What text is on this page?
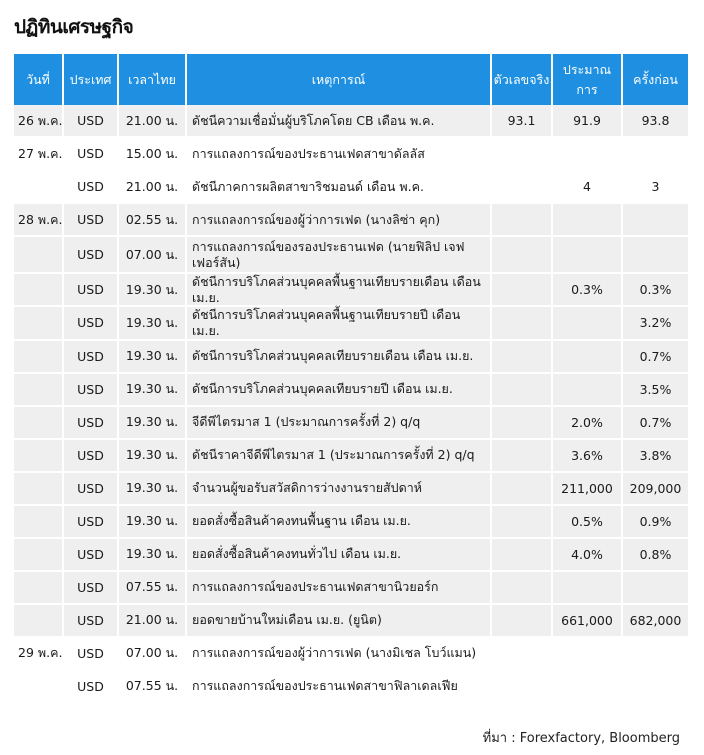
ปฏิทินเศรษฐกิจ
วันที่	ประเทศ	เวลาไทย	เหตุการณ์	ตัวเลขจริง	ประมาณการ	ครั้งก่อน
26 พ.ค.	USD	21.00 น.	ดัชนีความเชื่อมั่นผู้บริโภคโดย CB เดือน พ.ค.	93.1	91.9	93.8
27 พ.ค.	USD	15.00 น.	การแถลงการณ์ของประธานเฟดสาขาดัลลัส			
	USD	21.00 น.	ดัชนีภาคการผลิตสาขาริชมอนด์ เดือน พ.ค.		4	3
28 พ.ค.	USD	02.55 น.	การแถลงการณ์ของผู้ว่าการเฟด (นางลิซ่า คุก)			
	USD	07.00 น.	การแถลงการณ์ของรองประธานเฟด (นายฟิลิป เจฟเฟอร์สัน)			
	USD	19.30 น.	ดัชนีการบริโภคส่วนบุคคลพื้นฐานเทียบรายเดือน เดือน เม.ย.		0.3%	0.3%
	USD	19.30 น.	ดัชนีการบริโภคส่วนบุคคลพื้นฐานเทียบรายปี เดือน เม.ย.			3.2%
	USD	19.30 น.	ดัชนีการบริโภคส่วนบุคคลเทียบรายเดือน เดือน เม.ย.			0.7%
	USD	19.30 น.	ดัชนีการบริโภคส่วนบุคคลเทียบรายปี เดือน เม.ย.			3.5%
	USD	19.30 น.	จีดีพีไตรมาส 1 (ประมาณการครั้งที่ 2) q/q		2.0%	0.7%
	USD	19.30 น.	ดัชนีราคาจีดีพีไตรมาส 1 (ประมาณการครั้งที่ 2) q/q		3.6%	3.8%
	USD	19.30 น.	จำนวนผู้ขอรับสวัสดิการว่างงานรายสัปดาห์		211,000	209,000
	USD	19.30 น.	ยอดสั่งซื้อสินค้าคงทนพื้นฐาน เดือน เม.ย.		0.5%	0.9%
	USD	19.30 น.	ยอดสั่งซื้อสินค้าคงทนทั่วไป เดือน เม.ย.		4.0%	0.8%
	USD	07.55 น.	การแถลงการณ์ของประธานเฟดสาขานิวยอร์ก			
	USD	21.00 น.	ยอดขายบ้านใหม่เดือน เม.ย. (ยูนิต)		661,000	682,000
29 พ.ค.	USD	07.00 น.	การแถลงการณ์ของผู้ว่าการเฟด (นางมิเชล โบว์แมน)			
	USD	07.55 น.	การแถลงการณ์ของประธานเฟดสาขาฟิลาเดลเฟีย			
ที่มา : Forexfactory, Bloomberg
